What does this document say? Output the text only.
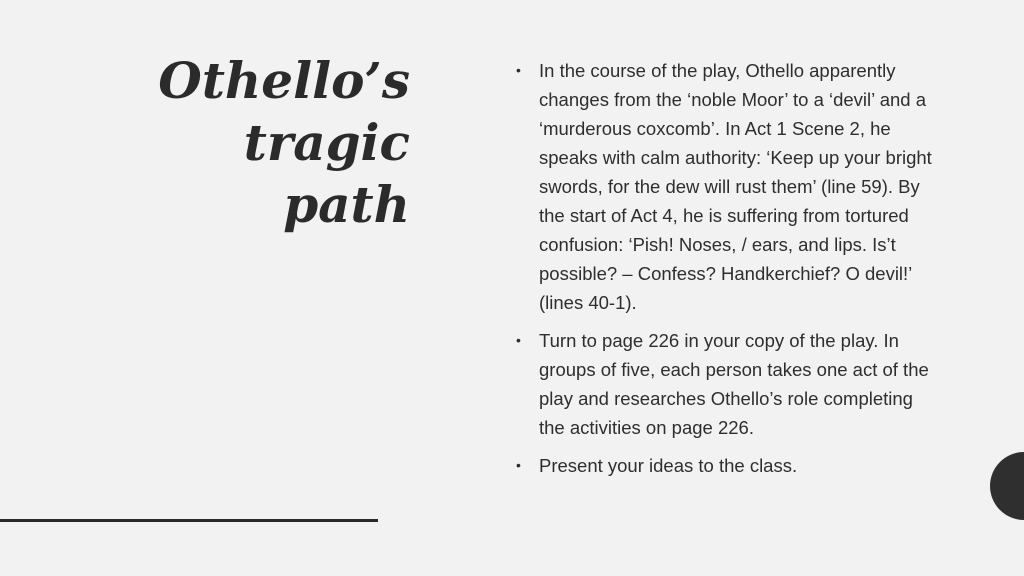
Othello’s
tragic path
• In the course of the play, Othello apparently changes from the ‘noble Moor’ to a ‘devil’ and a ‘murderous coxcomb’. In Act 1 Scene 2, he speaks with calm authority: ‘Keep up your bright swords, for the dew will rust them’ (line 59). By the start of Act 4, he is suffering from tortured confusion: ‘Pish! Noses, / ears, and lips. Is’t possible? – Confess? Handkerchief? O devil!’ (lines 40-1).
• Turn to page 226 in your copy of the play. In groups of five, each person takes one act of the play and researches Othello’s role completing the activities on page 226.
• Present your ideas to the class.
